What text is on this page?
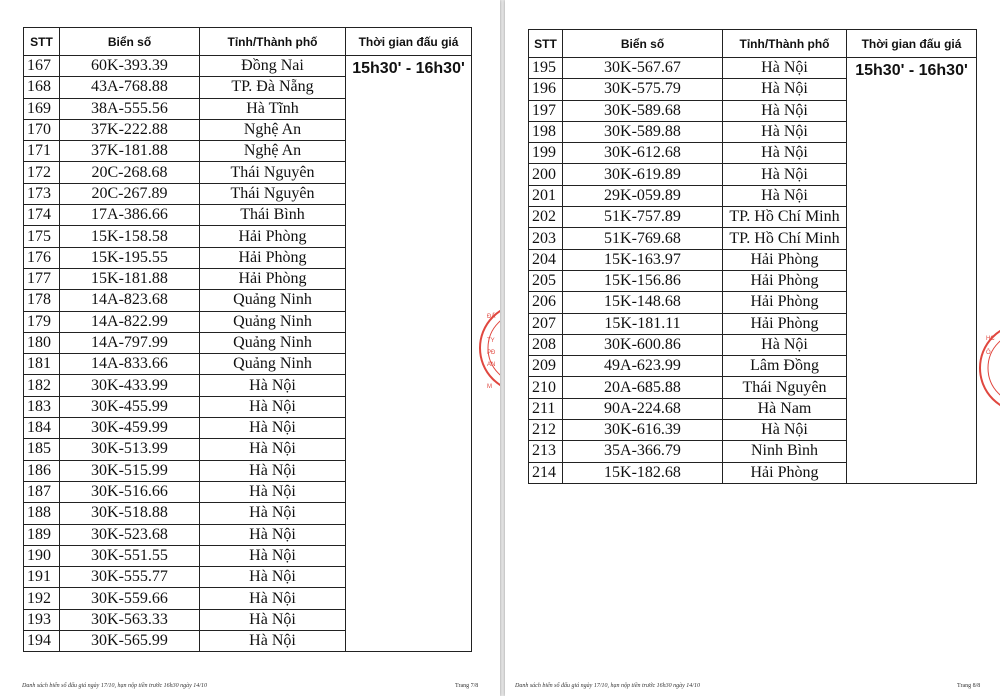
STT	Biển số	Tỉnh/Thành phố	Thời gian đấu giá
167	60K-393.39	Đồng Nai	15h30' - 16h30'
168	43A-768.88	TP. Đà Nẵng	
169	38A-555.56	Hà Tĩnh	
170	37K-222.88	Nghệ An	
171	37K-181.88	Nghệ An	
172	20C-268.68	Thái Nguyên	
173	20C-267.89	Thái Nguyên	
174	17A-386.66	Thái Bình	
175	15K-158.58	Hải Phòng	
176	15K-195.55	Hải Phòng	
177	15K-181.88	Hải Phòng	
178	14A-823.68	Quảng Ninh	
179	14A-822.99	Quảng Ninh	
180	14A-797.99	Quảng Ninh	
181	14A-833.66	Quảng Ninh	
182	30K-433.99	Hà Nội	
183	30K-455.99	Hà Nội	
184	30K-459.99	Hà Nội	
185	30K-513.99	Hà Nội	
186	30K-515.99	Hà Nội	
187	30K-516.66	Hà Nội	
188	30K-518.88	Hà Nội	
189	30K-523.68	Hà Nội	
190	30K-551.55	Hà Nội	
191	30K-555.77	Hà Nội	
192	30K-559.66	Hà Nội	
193	30K-563.33	Hà Nội	
194	30K-565.99	Hà Nội	
ĐẤ
TY
PĐ
AN
M
Danh sách biển số đấu giá ngày 17/10, hạn nộp tiền trước 16h30 ngày 14/10	Trang 7/8
STT	Biển số	Tỉnh/Thành phố	Thời gian đấu giá
195	30K-567.67	Hà Nội	15h30' - 16h30'
196	30K-575.79	Hà Nội	
197	30K-589.68	Hà Nội	
198	30K-589.88	Hà Nội	
199	30K-612.68	Hà Nội	
200	30K-619.89	Hà Nội	
201	29K-059.89	Hà Nội	
202	51K-757.89	TP. Hồ Chí Minh	
203	51K-769.68	TP. Hồ Chí Minh	
204	15K-163.97	Hải Phòng	
205	15K-156.86	Hải Phòng	
206	15K-148.68	Hải Phòng	
207	15K-181.11	Hải Phòng	
208	30K-600.86	Hà Nội	
209	49A-623.99	Lâm Đồng	
210	20A-685.88	Thái Nguyên	
211	90A-224.68	Hà Nam	
212	30K-616.39	Hà Nội	
213	35A-366.79	Ninh Bình	
214	15K-182.68	Hải Phòng	
HC
Ô
Danh sách biển số đấu giá ngày 17/10, hạn nộp tiền trước 16h30 ngày 14/10	Trang 8/8
